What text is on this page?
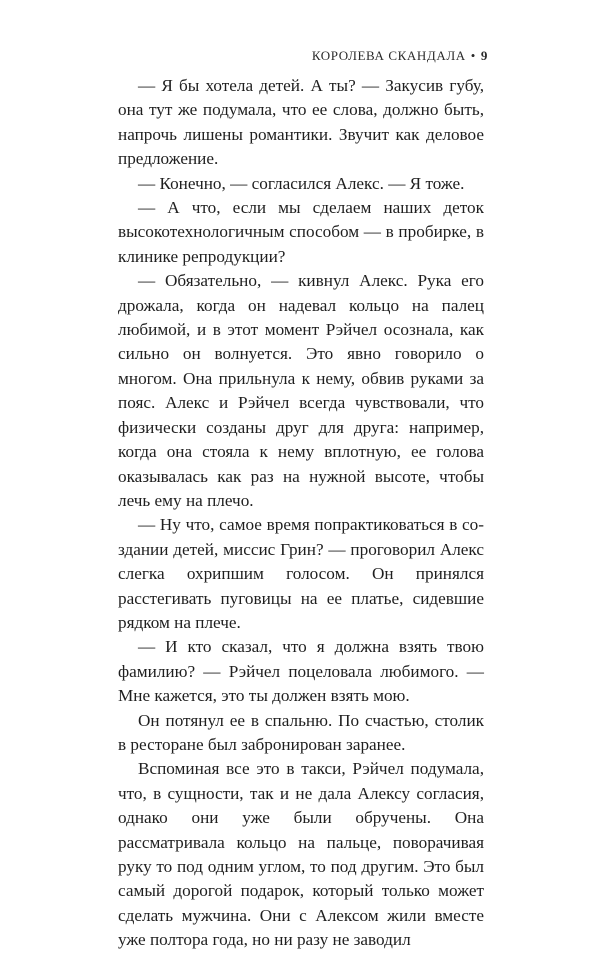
КОРОЛЕВА СКАНДАЛА • 9

— Я бы хотела детей. А ты? — Закусив губу, она тут же подумала, что ее слова, должно быть, напрочь лишены романтики. Звучит как деловое предложение.

— Конечно, — согласился Алекс. — Я тоже.

— А что, если мы сделаем наших деток высокотехнологичным способом — в пробирке, в клинике репродукции?

— Обязательно, — кивнул Алекс. Рука его дрожала, когда он надевал кольцо на палец любимой, и в этот момент Рэйчел осознала, как сильно он волнуется. Это явно говорило о многом. Она прильнула к нему, обвив руками за пояс. Алекс и Рэйчел всегда чувствовали, что физически созданы друг для друга: например, когда она стояла к нему вплотную, ее голова оказывалась как раз на нужной высоте, чтобы лечь ему на плечо.

— Ну что, самое время попрактиковаться в создании детей, миссис Грин? — проговорил Алекс слегка охрипшим голосом. Он принялся расстегивать пуговицы на ее платье, сидевшие рядком на плече.

— И кто сказал, что я должна взять твою фамилию? — Рэйчел поцеловала любимого. — Мне кажется, это ты должен взять мою.

Он потянул ее в спальню. По счастью, столик в ресторане был забронирован заранее.

Вспоминая все это в такси, Рэйчел подумала, что, в сущности, так и не дала Алексу согласия, однако они уже были обручены. Она рассматривала кольцо на пальце, поворачивая руку то под одним углом, то под другим. Это был самый дорогой подарок, который только может сделать мужчина. Они с Алексом жили вместе уже полтора года, но ни разу не заводил
